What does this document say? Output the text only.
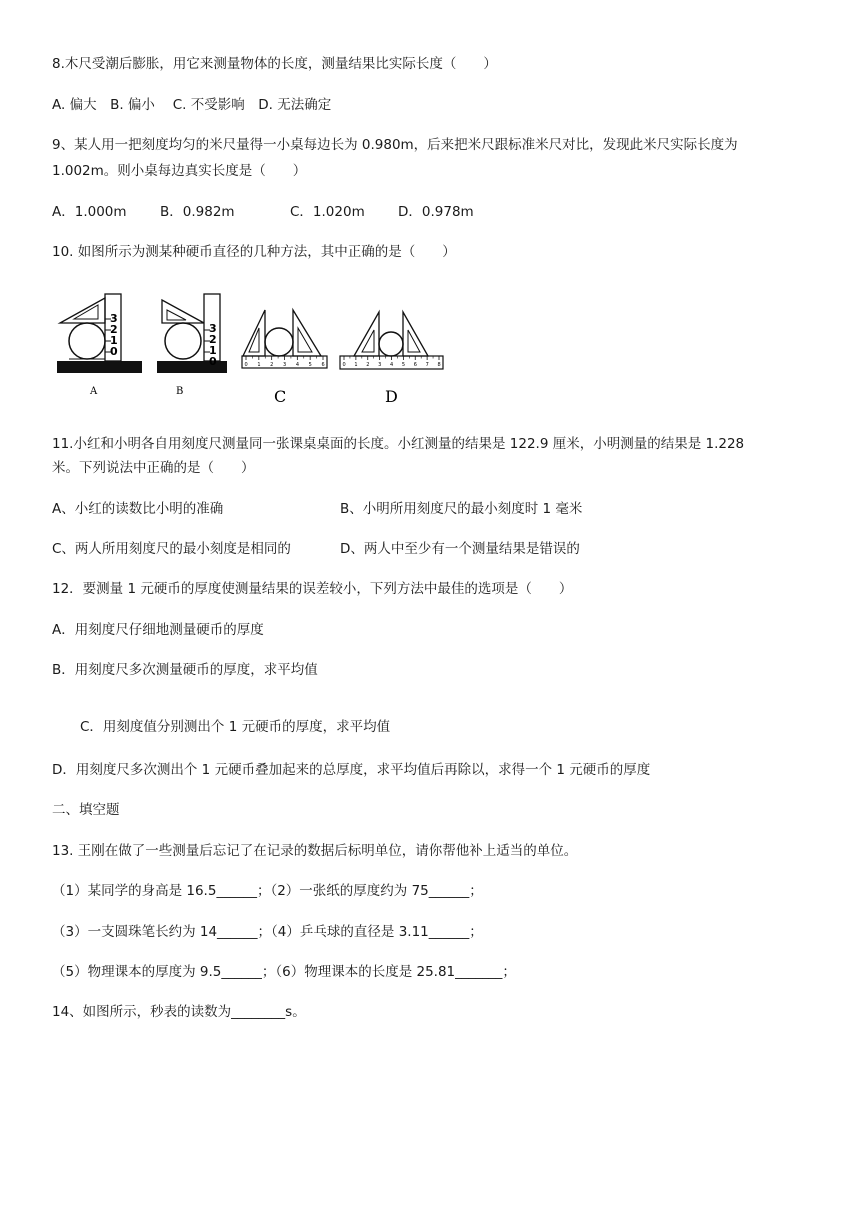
8.木尺受潮后膨胀，用它来测量物体的长度，测量结果比实际长度（　　）
A. 偏大　B. 偏小　 C. 不受影响　D. 无法确定
9、某人用一把刻度均匀的米尺量得一小桌每边长为 0.980m，后来把米尺跟标准米尺对比，发现此米尺实际长度为
1.002m。则小桌每边真实长度是（　　）
A．1.000m B．0.982m	C．1.020m D．0.978m
10. 如图所示为测某种硬币直径的几种方法，其中正确的是（　　）
3
2
1
0
A
3
2
1
0
B
0 1 2 3 4 5 6
C
0 1 2 3 4 5 6 7 8
D
11.小红和小明各自用刻度尺测量同一张课桌桌面的长度。小红测量的结果是 122.9 厘米，小明测量的结果是 1.228
米。下列说法中正确的是（　　）
A、小红的读数比小明的准确	B、小明所用刻度尺的最小刻度时 1 毫米
C、两人所用刻度尺的最小刻度是相同的	D、两人中至少有一个测量结果是错误的
12．要测量 1 元硬币的厚度使测量结果的误差较小，下列方法中最佳的选项是（　　）
A．用刻度尺仔细地测量硬币的厚度
B．用刻度尺多次测量硬币的厚度，求平均值
C．用刻度值分别测出个 1 元硬币的厚度，求平均值
D．用刻度尺多次测出个 1 元硬币叠加起来的总厚度，求平均值后再除以，求得一个 1 元硬币的厚度
二、填空题
13. 王刚在做了一些测量后忘记了在记录的数据后标明单位，请你帮他补上适当的单位。
（1）某同学的身高是 16.5______；（2）一张纸的厚度约为 75______；
（3）一支圆珠笔长约为 14______；（4）乒乓球的直径是 3.11______；
（5）物理课本的厚度为 9.5______；（6）物理课本的长度是 25.81_______；
14、如图所示，秒表的读数为________s。
